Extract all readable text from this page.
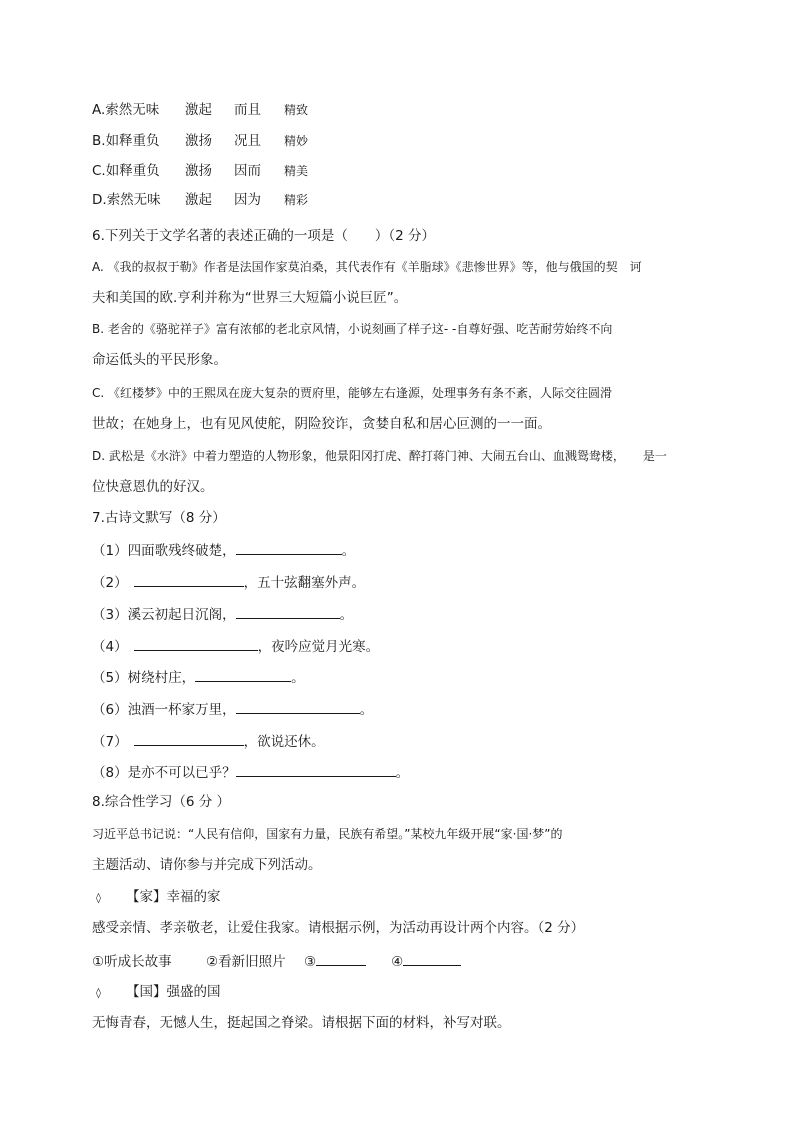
A.索然无味 激起 而且 精致
B.如释重负 激扬 况且 精妙
C.如释重负 激扬 因而 精美
D.索然无味 激起 因为 精彩
6.下列关于文学名著的表述正确的一项是（　　）（2 分）
A. 《我的叔叔于勒》作者是法国作家莫泊桑，其代表作有《羊脂球》《悲惨世界》等，他与俄国的契　诃
夫和美国的欧.亨利并称为“世界三大短篇小说巨匠”。
B. 老舍的《骆驼祥子》富有浓郁的老北京风情，小说刻画了样子这- -自尊好强、吃苦耐劳始终不向
命运低头的平民形象。
C. 《红楼梦》中的王熙凤在庞大复杂的贾府里，能够左右逢源，处理事务有条不紊，人际交往圆滑
世故；在她身上，也有见风使舵，阴险狡诈，贪婪自私和居心叵测的一一面。
D. 武松是《水浒》中着力塑造的人物形象，他景阳冈打虎、醉打蒋门神、大闹五台山、血溅鸳鸯楼，　　是一
位快意恩仇的好汉。
7.古诗文默写（8 分）
（1）四面歌残终破楚，	。
（2）	，五十弦翻塞外声。
（3）溪云初起日沉阁，	。
（4）	，夜吟应觉月光寒。
（5）树绕村庄，	。
（6）浊酒一杯家万里，	。
（7）	，欲说还休。
（8）是亦不可以已乎？	。
8.综合性学习（6 分 ）
习近平总书记说：“人民有信仰，国家有力量，民族有希望。”某校九年级开展“家·国·梦”的
主题活动、请你参与并完成下列活动。
◊ 【家】幸福的家
感受亲情、孝亲敬老，让爱住我家。请根据示例，为活动再设计两个内容。（2 分）
①听成长故事	②看新旧照片 ③	④
◊ 【国】强盛的国
无悔青春，无憾人生，挺起国之脊梁。请根据下面的材料，补写对联。
